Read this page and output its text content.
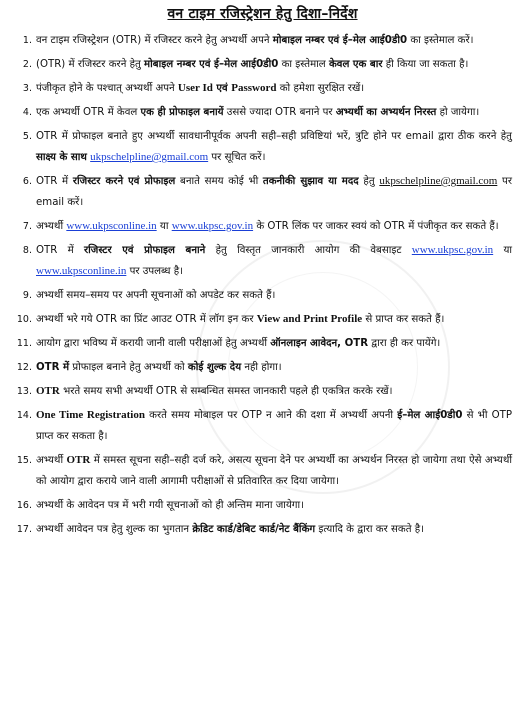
वन टाइम रजिस्ट्रेशन हेतु दिशा–निर्देश
1. वन टाइम रजिस्ट्रेशन (OTR) में रजिस्टर करने हेतु अभ्यर्थी अपने मोबाइल नम्बर एवं ई–मेल आई0डी0 का इस्तेमाल करें।
2. (OTR) में रजिस्टर करने हेतु मोबाइल नम्बर एवं ई–मेल आई0डी0 का इस्तेमाल केवल एक बार ही किया जा सकता है।
3. पंजीकृत होने के पश्चात् अभ्यर्थी अपने User Id एवं Password को हमेशा सुरक्षित रखें।
4. एक अभ्यर्थी OTR में केवल एक ही प्रोफाइल बनायें उससे ज्यादा OTR बनाने पर अभ्यर्थी का अभ्यर्थन निरस्त हो जायेगा।
5. OTR में प्रोफाइल बनाते हुए अभ्यर्थी सावधानीपूर्वक अपनी सही–सही प्रविष्टियां भरें, त्रुटि होने पर email द्वारा ठीक करने हेतु साक्ष्य के साथ ukpschelpline@gmail.com पर सूचित करें।
6. OTR में रजिस्टर करने एवं प्रोफाइल बनाते समय कोई भी तकनीकी सुझाव या मदद हेतु ukpschelpline@gmail.com पर email करें।
7. अभ्यर्थी www.ukpsconline.in या www.ukpsc.gov.in के OTR लिंक पर जाकर स्वयं को OTR में पंजीकृत कर सकते हैं।
8. OTR में रजिस्टर एवं प्रोफाइल बनाने हेतु विस्तृत जानकारी आयोग की वेबसाइट www.ukpsc.gov.in या www.ukpsconline.in पर उपलब्ध है।
9. अभ्यर्थी समय–समय पर अपनी सूचनाओं को अपडेट कर सकते हैं।
10. अभ्यर्थी भरे गये OTR का प्रिंट आउट OTR में लॉग इन कर View and Print Profile से प्राप्त कर सकते हैं।
11. आयोग द्वारा भविष्य में करायी जानी वाली परीक्षाओं हेतु अभ्यर्थी ऑनलाइन आवेदन, OTR द्वारा ही कर पायेंगे।
12. OTR में प्रोफाइल बनाने हेतु अभ्यर्थी को कोई शुल्क देय नही होगा।
13. OTR भरते समय सभी अभ्यर्थी OTR से सम्बन्धित समस्त जानकारी पहले ही एकत्रित करके रखें।
14. One Time Registration करते समय मोबाइल पर OTP न आने की दशा में अभ्यर्थी अपनी ई–मेल आई0डी0 से भी OTP प्राप्त कर सकता है।
15. अभ्यर्थी OTR में समस्त सूचना सही–सही दर्ज करे, असत्य सूचना देने पर अभ्यर्थी का अभ्यर्थन निरस्त हो जायेगा तथा ऐसे अभ्यर्थी को आयोग द्वारा कराये जाने वाली आगामी परीक्षाओं से प्रतिवारित कर दिया जायेगा।
16. अभ्यर्थी के आवेदन पत्र में भरी गयी सूचनाओं को ही अन्तिम माना जायेगा।
17. अभ्यर्थी आवेदन पत्र हेतु शुल्क का भुगतान क्रेडिट कार्ड/डेबिट कार्ड/नेट बैंकिंग इत्यादि के द्वारा कर सकते है।
